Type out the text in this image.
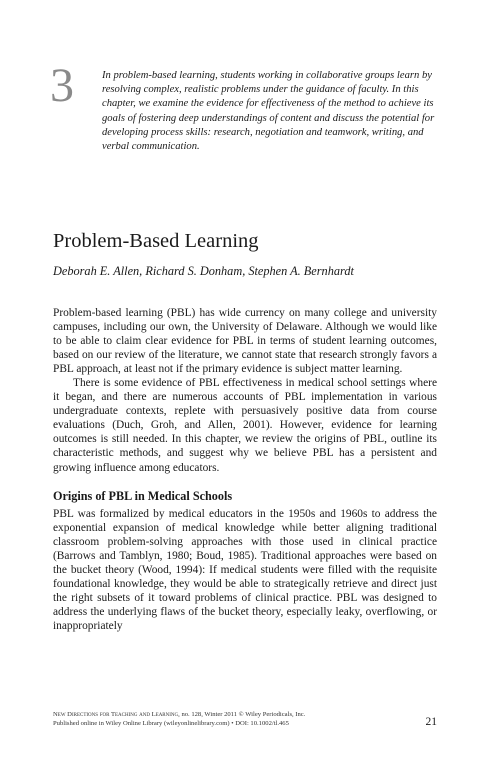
3	In problem-based learning, students working in collaborative groups learn by resolving complex, realistic problems under the guidance of faculty. In this chapter, we examine the evidence for effectiveness of the method to achieve its goals of fostering deep understandings of content and discuss the potential for developing process skills: research, negotiation and teamwork, writing, and verbal communication.
Problem-Based Learning
Deborah E. Allen, Richard S. Donham, Stephen A. Bernhardt

Problem-based learning (PBL) has wide currency on many college and university campuses, including our own, the University of Delaware. Although we would like to be able to claim clear evidence for PBL in terms of student learning outcomes, based on our review of the literature, we cannot state that research strongly favors a PBL approach, at least not if the primary evidence is subject matter learning.

There is some evidence of PBL effectiveness in medical school settings where it began, and there are numerous accounts of PBL implementation in various undergraduate contexts, replete with persuasively positive data from course evaluations (Duch, Groh, and Allen, 2001). However, evidence for learning outcomes is still needed. In this chapter, we review the origins of PBL, outline its characteristic methods, and suggest why we believe PBL has a persistent and growing influence among educators.

Origins of PBL in Medical Schools

PBL was formalized by medical educators in the 1950s and 1960s to address the exponential expansion of medical knowledge while better aligning traditional classroom problem-solving approaches with those used in clinical practice (Barrows and Tamblyn, 1980; Boud, 1985). Traditional approaches were based on the bucket theory (Wood, 1994): If medical students were filled with the requisite foundational knowledge, they would be able to strategically retrieve and direct just the right subsets of it toward problems of clinical practice. PBL was designed to address the underlying flaws of the bucket theory, especially leaky, overflowing, or inappropriately

New Directions for Teaching and Learning, no. 128, Winter 2011 © Wiley Periodicals, Inc.
Published online in Wiley Online Library (wileyonlinelibrary.com) • DOI: 10.1002/tl.465	21
